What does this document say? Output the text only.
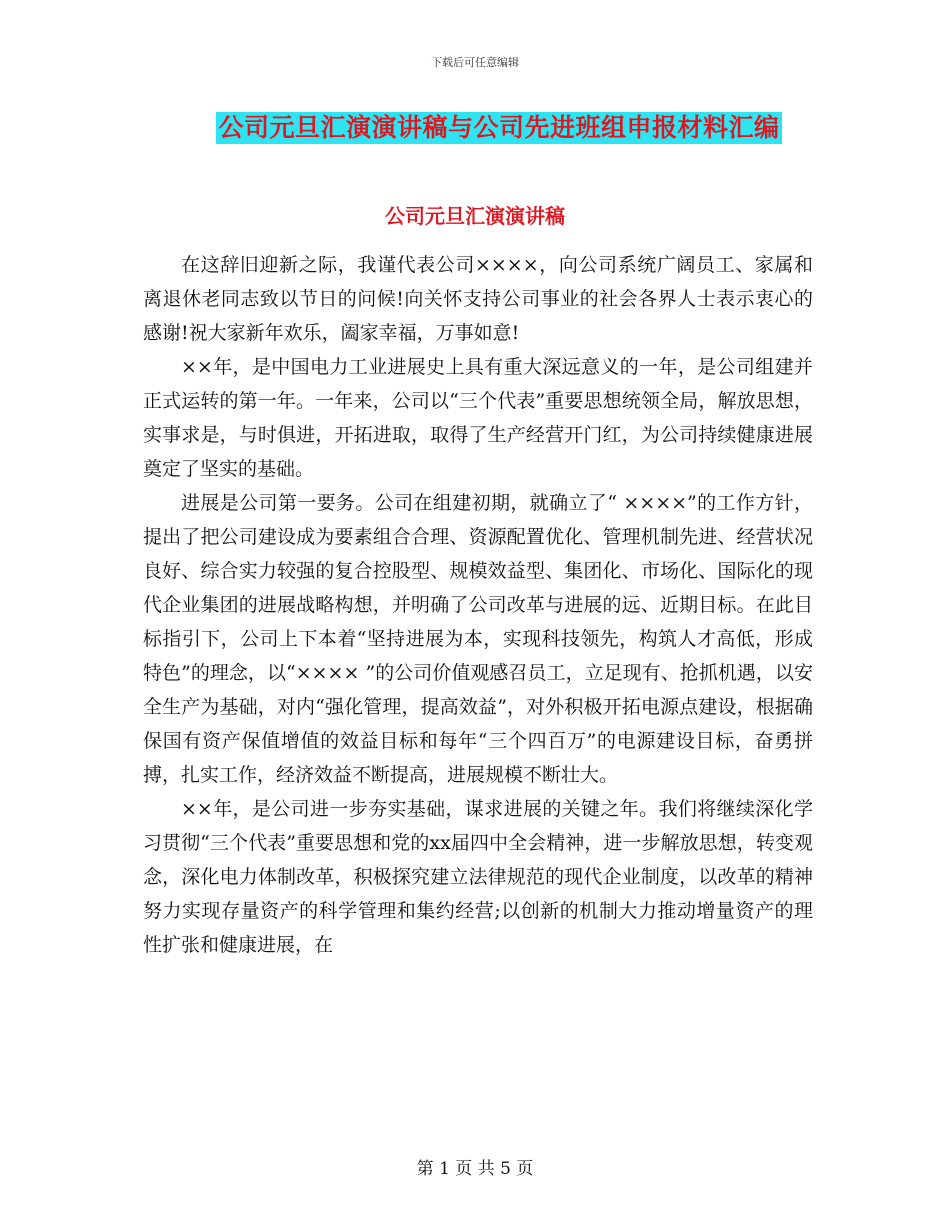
下载后可任意编辑
公司元旦汇演演讲稿与公司先进班组申报材料汇编
公司元旦汇演演讲稿

在这辞旧迎新之际，我谨代表公司××××，向公司系统广阔员工、家属和离退休老同志致以节日的问候!向关怀支持公司事业的社会各界人士表示衷心的感谢!祝大家新年欢乐，阖家幸福，万事如意!

××年，是中国电力工业进展史上具有重大深远意义的一年，是公司组建并正式运转的第一年。一年来，公司以“三个代表”重要思想统领全局，解放思想，实事求是，与时俱进，开拓进取，取得了生产经营开门红，为公司持续健康进展奠定了坚实的基础。

进展是公司第一要务。公司在组建初期，就确立了“ ××××”的工作方针，提出了把公司建设成为要素组合合理、资源配置优化、管理机制先进、经营状况良好、综合实力较强的复合控股型、规模效益型、集团化、市场化、国际化的现代企业集团的进展战略构想，并明确了公司改革与进展的远、近期目标。在此目标指引下，公司上下本着“坚持进展为本，实现科技领先，构筑人才高低，形成特色”的理念，以“×××× ”的公司价值观感召员工，立足现有、抢抓机遇，以安全生产为基础，对内“强化管理，提高效益”，对外积极开拓电源点建设，根据确保国有资产保值增值的效益目标和每年“三个四百万”的电源建设目标，奋勇拼搏，扎实工作，经济效益不断提高，进展规模不断壮大。

××年，是公司进一步夯实基础，谋求进展的关键之年。我们将继续深化学习贯彻“三个代表”重要思想和党的xx届四中全会精神，进一步解放思想，转变观念，深化电力体制改革，积极探究建立法律规范的现代企业制度，以改革的精神努力实现存量资产的科学管理和集约经营;以创新的机制大力推动增量资产的理性扩张和健康进展，在

第 1 页 共 5 页
